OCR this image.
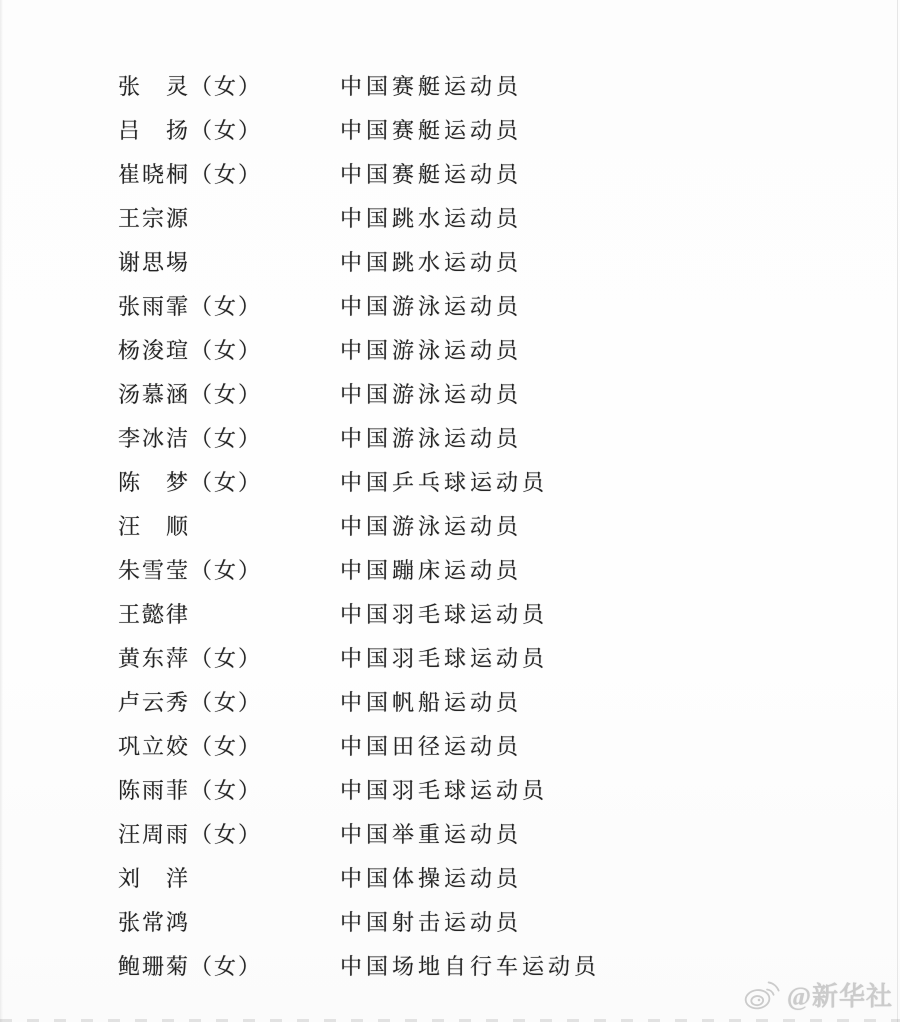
张　灵（女）	中国赛艇运动员
吕　扬（女）	中国赛艇运动员
崔晓桐（女）	中国赛艇运动员
王宗源	中国跳水运动员
谢思埸	中国跳水运动员
张雨霏（女）	中国游泳运动员
杨浚瑄（女）	中国游泳运动员
汤慕涵（女）	中国游泳运动员
李冰洁（女）	中国游泳运动员
陈　梦（女）	中国乒乓球运动员
汪　顺	中国游泳运动员
朱雪莹（女）	中国蹦床运动员
王懿律	中国羽毛球运动员
黄东萍（女）	中国羽毛球运动员
卢云秀（女）	中国帆船运动员
巩立姣（女）	中国田径运动员
陈雨菲（女）	中国羽毛球运动员
汪周雨（女）	中国举重运动员
刘　洋	中国体操运动员
张常鸿	中国射击运动员
鲍珊菊（女）	中国场地自行车运动员
@新华社
